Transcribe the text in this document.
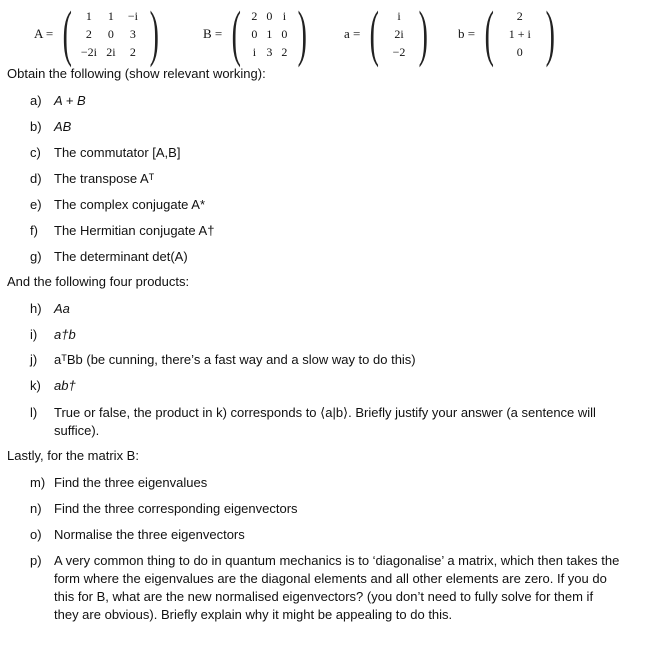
A = (	1	1	−i
2	0	3
−2i 2i	2 )	B = ( 2 0 i
0 1 0
i 3 2 )	a = (	i
2i
−2 ) b = (	2
1 + i
0 )
Obtain the following (show relevant working):
a) A + B
b) AB
c)	The commutator [A,B]
d) The transpose Aᵀ
e) The complex conjugate A*
f)	The Hermitian conjugate A†
g) The determinant det(A)
And the following four products:
h) Aa
i)	a†b
j)	aᵀBb (be cunning, there’s a fast way and a slow way to do this)
k)	ab†
l)	True or false, the product in k) corresponds to ⟨a|b⟩. Briefly justify your answer (a sentence will suffice).
Lastly, for the matrix B:
m) Find the three eigenvalues
n) Find the three corresponding eigenvectors
o) Normalise the three eigenvectors
p) A very common thing to do in quantum mechanics is to ‘diagonalise’ a matrix, which then takes the form where the eigenvalues are the diagonal elements and all other elements are zero. If you do this for B, what are the new normalised eigenvectors? (you don’t need to fully solve for them if they are obvious). Briefly explain why it might be appealing to do this.
